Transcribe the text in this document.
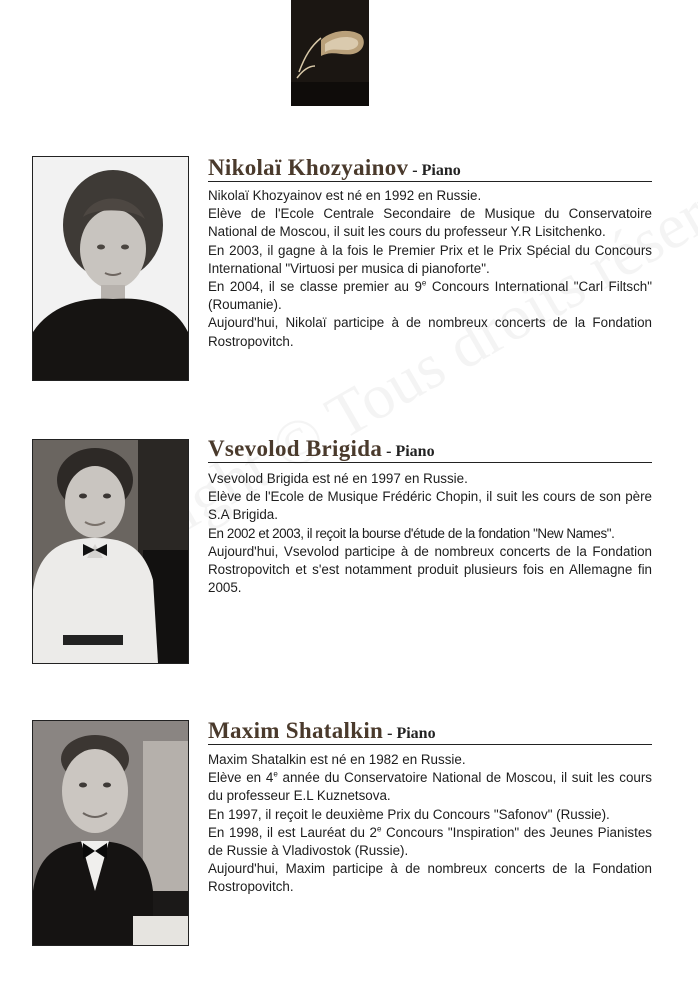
Nikolaï Khozyainov - Piano

Nikolaï Khozyainov est né en 1992 en Russie.

Elève de l'Ecole Centrale Secondaire de Musique du Conservatoire National de Moscou, il suit les cours du professeur Y.R Lisitchenko.

En 2003, il gagne à la fois le Premier Prix et le Prix Spécial du Concours International "Virtuosi per musica di pianoforte".

En 2004, il se classe premier au 9e Concours International "Carl Filtsch" (Roumanie).

Aujourd'hui, Nikolaï participe à de nombreux concerts de la Fondation Rostropovitch.

Vsevolod Brigida - Piano

Vsevolod Brigida est né en 1997 en Russie.

Elève de l'Ecole de Musique Frédéric Chopin, il suit les cours de son père S.A Brigida.

En 2002 et 2003, il reçoit la bourse d'étude de la fondation "New Names".

Aujourd'hui, Vsevolod participe à de nombreux concerts de la Fondation Rostropovitch et s'est notamment produit plusieurs fois en Allemagne fin 2005.

Maxim Shatalkin - Piano

Maxim Shatalkin est né en 1982 en Russie.

Elève en 4e année du Conservatoire National de Moscou, il suit les cours du professeur E.L Kuznetsova.

En 1997, il reçoit le deuxième Prix du Concours "Safonov" (Russie).

En 1998, il est Lauréat du 2e Concours "Inspiration" des Jeunes Pianistes de Russie à Vladivostok (Russie).

Aujourd'hui, Maxim participe à de nombreux concerts de la Fondation Rostropovitch.
